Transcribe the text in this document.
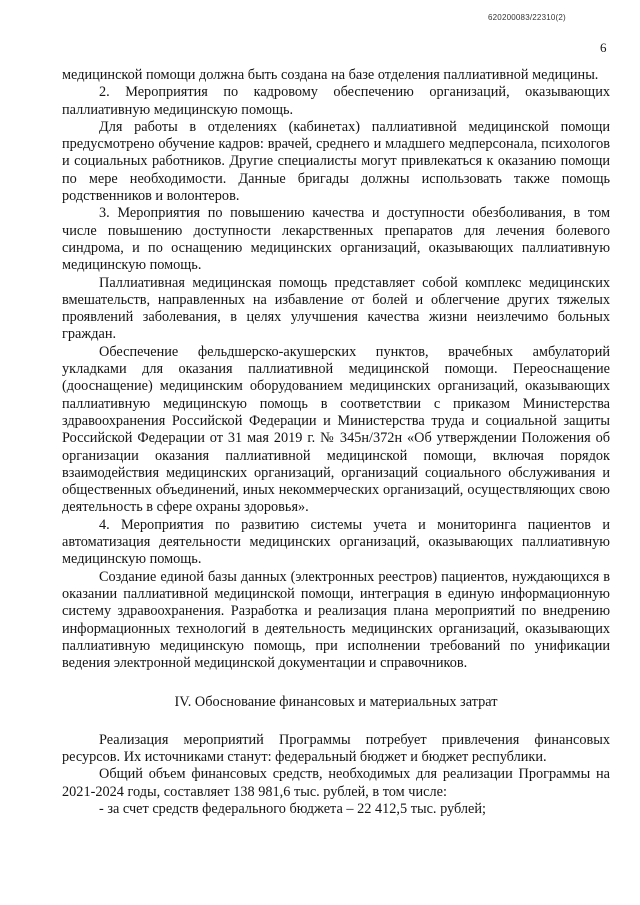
620200083/22310(2)
6

медицинской помощи должна быть создана на базе отделения паллиативной медицины.

2. Мероприятия по кадровому обеспечению организаций, оказывающих паллиативную медицинскую помощь.

Для работы в отделениях (кабинетах) паллиативной медицинской помощи предусмотрено обучение кадров: врачей, среднего и младшего медперсонала, психологов и социальных работников. Другие специалисты могут привлекаться к оказанию помощи по мере необходимости. Данные бригады должны использовать также помощь родственников и волонтеров.

3. Мероприятия по повышению качества и доступности обезболивания, в том числе повышению доступности лекарственных препаратов для лечения болевого синдрома, и по оснащению медицинских организаций, оказывающих паллиативную медицинскую помощь.

Паллиативная медицинская помощь представляет собой комплекс медицинских вмешательств, направленных на избавление от болей и облегчение других тяжелых проявлений заболевания, в целях улучшения качества жизни неизлечимо больных граждан.

Обеспечение фельдшерско-акушерских пунктов, врачебных амбулаторий укладками для оказания паллиативной медицинской помощи. Переоснащение (дооснащение) медицинским оборудованием медицинских организаций, оказывающих паллиативную медицинскую помощь в соответствии с приказом Министерства здравоохранения Российской Федерации и Министерства труда и социальной защиты Российской Федерации от 31 мая 2019 г. № 345н/372н «Об утверждении Положения об организации оказания паллиативной медицинской помощи, включая порядок взаимодействия медицинских организаций, организаций социального обслуживания и общественных объединений, иных некоммерческих организаций, осуществляющих свою деятельность в сфере охраны здоровья».

4. Мероприятия по развитию системы учета и мониторинга пациентов и автоматизация деятельности медицинских организаций, оказывающих паллиативную медицинскую помощь.

Создание единой базы данных (электронных реестров) пациентов, нуждающихся в оказании паллиативной медицинской помощи, интеграция в единую информационную систему здравоохранения. Разработка и реализация плана мероприятий по внедрению информационных технологий в деятельность медицинских организаций, оказывающих паллиативную медицинскую помощь, при исполнении требований по унификации ведения электронной медицинской документации и справочников.

IV. Обоснование финансовых и материальных затрат

Реализация мероприятий Программы потребует привлечения финансовых ресурсов. Их источниками станут: федеральный бюджет и бюджет республики.

Общий объем финансовых средств, необходимых для реализации Программы на 2021-2024 годы, составляет 138 981,6 тыс. рублей, в том числе:

- за счет средств федерального бюджета – 22 412,5 тыс. рублей;
